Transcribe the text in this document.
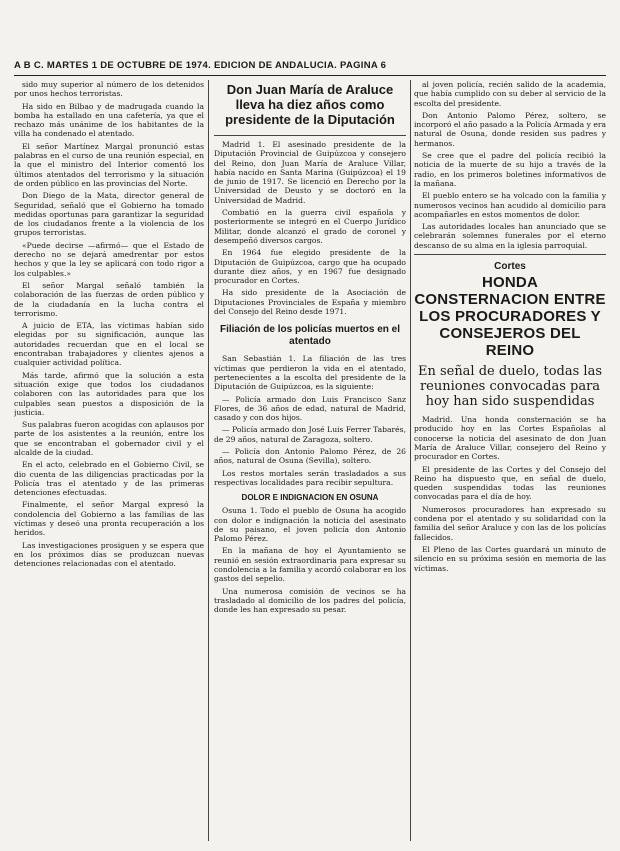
A B C. MARTES 1 DE OCTUBRE DE 1974. EDICION DE ANDALUCIA. PAGINA 6

sido muy superior al número de los detenidos por unos hechos terroristas.

Ha sido en Bilbao y de madrugada cuando la bomba ha estallado en una cafetería, ya que el rechazo más unánime de los habitantes de la villa ha condenado el atentado.

El señor Martínez Margal pronunció estas palabras en el curso de una reunión especial, en la que el ministro del Interior comentó los últimos atentados del terrorismo y la situación de orden público en las provincias del Norte.

Don Diego de la Mata, director general de Seguridad, señaló que el Gobierno ha tomado medidas oportunas para garantizar la seguridad de los ciudadanos frente a la violencia de los grupos terroristas.

«Puede decirse —afirmó— que el Estado de derecho no se dejará amedrentar por estos hechos y que la ley se aplicará con todo rigor a los culpables.»

El señor Margal señaló también la colaboración de las fuerzas de orden público y de la ciudadanía en la lucha contra el terrorismo.

A juicio de ETA, las víctimas habían sido elegidas por su significación, aunque las autoridades recuerdan que en el local se encontraban trabajadores y clientes ajenos a cualquier actividad política.

Más tarde, afirmó que la solución a esta situación exige que todos los ciudadanos colaboren con las autoridades para que los culpables sean puestos a disposición de la justicia.

Sus palabras fueron acogidas con aplausos por parte de los asistentes a la reunión, entre los que se encontraban el gobernador civil y el alcalde de la ciudad.

En el acto, celebrado en el Gobierno Civil, se dio cuenta de las diligencias practicadas por la Policía tras el atentado y de las primeras detenciones efectuadas.

Finalmente, el señor Margal expresó la condolencia del Gobierno a las familias de las víctimas y deseó una pronta recuperación a los heridos.

Las investigaciones prosiguen y se espera que en los próximos días se produzcan nuevas detenciones relacionadas con el atentado.

Don Juan María de Araluce lleva ha diez años como presidente de la Diputación

Madrid 1. El asesinado presidente de la Diputación Provincial de Guipúzcoa y consejero del Reino, don Juan María de Araluce Villar, había nacido en Santa Marina (Guipúzcoa) el 19 de junio de 1917. Se licenció en Derecho por la Universidad de Deusto y se doctoró en la Universidad de Madrid.

Combatió en la guerra civil española y posteriormente se integró en el Cuerpo Jurídico Militar, donde alcanzó el grado de coronel y desempeñó diversos cargos.

En 1964 fue elegido presidente de la Diputación de Guipúzcoa, cargo que ha ocupado durante diez años, y en 1967 fue designado procurador en Cortes.

Ha sido presidente de la Asociación de Diputaciones Provinciales de España y miembro del Consejo del Reino desde 1971.

Filiación de los policías muertos en el atentado

San Sebastián 1. La filiación de las tres víctimas que perdieron la vida en el atentado, pertenecientes a la escolta del presidente de la Diputación de Guipúzcoa, es la siguiente:

— Policía armado don Luis Francisco Sanz Flores, de 36 años de edad, natural de Madrid, casado y con dos hijos.

— Policía armado don José Luis Ferrer Tabarés, de 29 años, natural de Zaragoza, soltero.

— Policía don Antonio Palomo Pérez, de 26 años, natural de Osuna (Sevilla), soltero.

Los restos mortales serán trasladados a sus respectivas localidades para recibir sepultura.

DOLOR E INDIGNACION EN OSUNA

Osuna 1. Todo el pueblo de Osuna ha acogido con dolor e indignación la noticia del asesinato de su paisano, el joven policía don Antonio Palomo Pérez.

En la mañana de hoy el Ayuntamiento se reunió en sesión extraordinaria para expresar su condolencia a la familia y acordó colaborar en los gastos del sepelio.

Una numerosa comisión de vecinos se ha trasladado al domicilio de los padres del policía, donde les han expresado su pesar.

al joven policía, recién salido de la academia, que había cumplido con su deber al servicio de la escolta del presidente.

Don Antonio Palomo Pérez, soltero, se incorporó el año pasado a la Policía Armada y era natural de Osuna, donde residen sus padres y hermanos.

Se cree que el padre del policía recibió la noticia de la muerte de su hijo a través de la radio, en los primeros boletines informativos de la mañana.

El pueblo entero se ha volcado con la familia y numerosos vecinos han acudido al domicilio para acompañarles en estos momentos de dolor.

Las autoridades locales han anunciado que se celebrarán solemnes funerales por el eterno descanso de su alma en la iglesia parroquial.

Cortes
HONDA CONSTERNACION ENTRE LOS PROCURADORES Y CONSEJEROS DEL REINO
En señal de duelo, todas las reuniones convocadas para hoy han sido suspendidas

Madrid. Una honda consternación se ha producido hoy en las Cortes Españolas al conocerse la noticia del asesinato de don Juan María de Araluce Villar, consejero del Reino y procurador en Cortes.

El presidente de las Cortes y del Consejo del Reino ha dispuesto que, en señal de duelo, queden suspendidas todas las reuniones convocadas para el día de hoy.

Numerosos procuradores han expresado su condena por el atentado y su solidaridad con la familia del señor Araluce y con las de los policías fallecidos.

El Pleno de las Cortes guardará un minuto de silencio en su próxima sesión en memoria de las víctimas.
